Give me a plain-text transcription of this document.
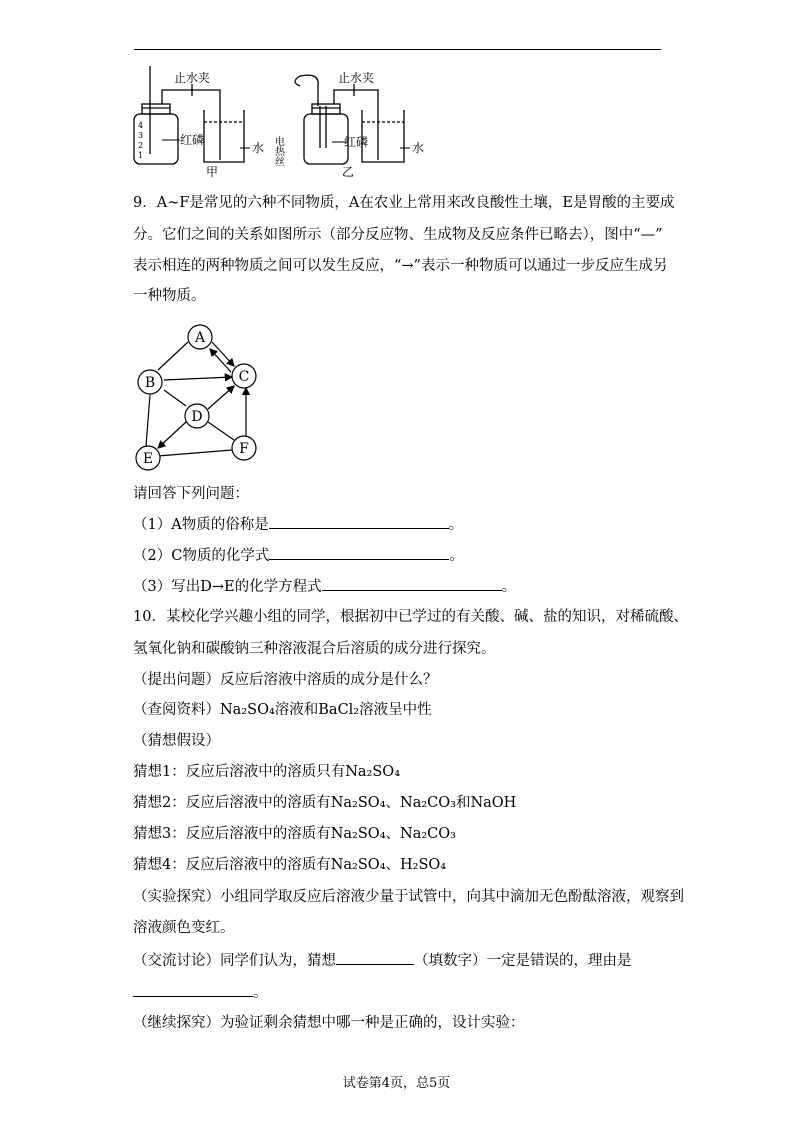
止水夹
红磷
水
甲
4
3
2
1
止水夹
电热丝	红磷	水
乙
9．A~F是常见的六种不同物质，A在农业上常用来改良酸性土壤，E是胃酸的主要成
分。它们之间的关系如图所示（部分反应物、生成物及反应条件已略去），图中“—”
表示相连的两种物质之间可以发生反应，“→”表示一种物质可以通过一步反应生成另
一种物质。
A
B	C
D
E
F
请回答下列问题：
（1）A物质的俗称是	。
（2）C物质的化学式	。
（3）写出D→E的化学方程式	。
10．某校化学兴趣小组的同学，根据初中已学过的有关酸、碱、盐的知识，对稀硫酸、
氢氧化钠和碳酸钠三种溶液混合后溶质的成分进行探究。
（提出问题）反应后溶液中溶质的成分是什么？
（查阅资料）Na₂SO₄溶液和BaCl₂溶液呈中性
（猜想假设）
猜想1：反应后溶液中的溶质只有Na₂SO₄
猜想2：反应后溶液中的溶质有Na₂SO₄、Na₂CO₃和NaOH
猜想3：反应后溶液中的溶质有Na₂SO₄、Na₂CO₃
猜想4：反应后溶液中的溶质有Na₂SO₄、H₂SO₄
（实验探究）小组同学取反应后溶液少量于试管中，向其中滴加无色酚酞溶液，观察到
溶液颜色变红。
（交流讨论）同学们认为，猜想	（填数字）一定是错误的，理由是
。
（继续探究）为验证剩余猜想中哪一种是正确的，设计实验：
试卷第4页，总5页
